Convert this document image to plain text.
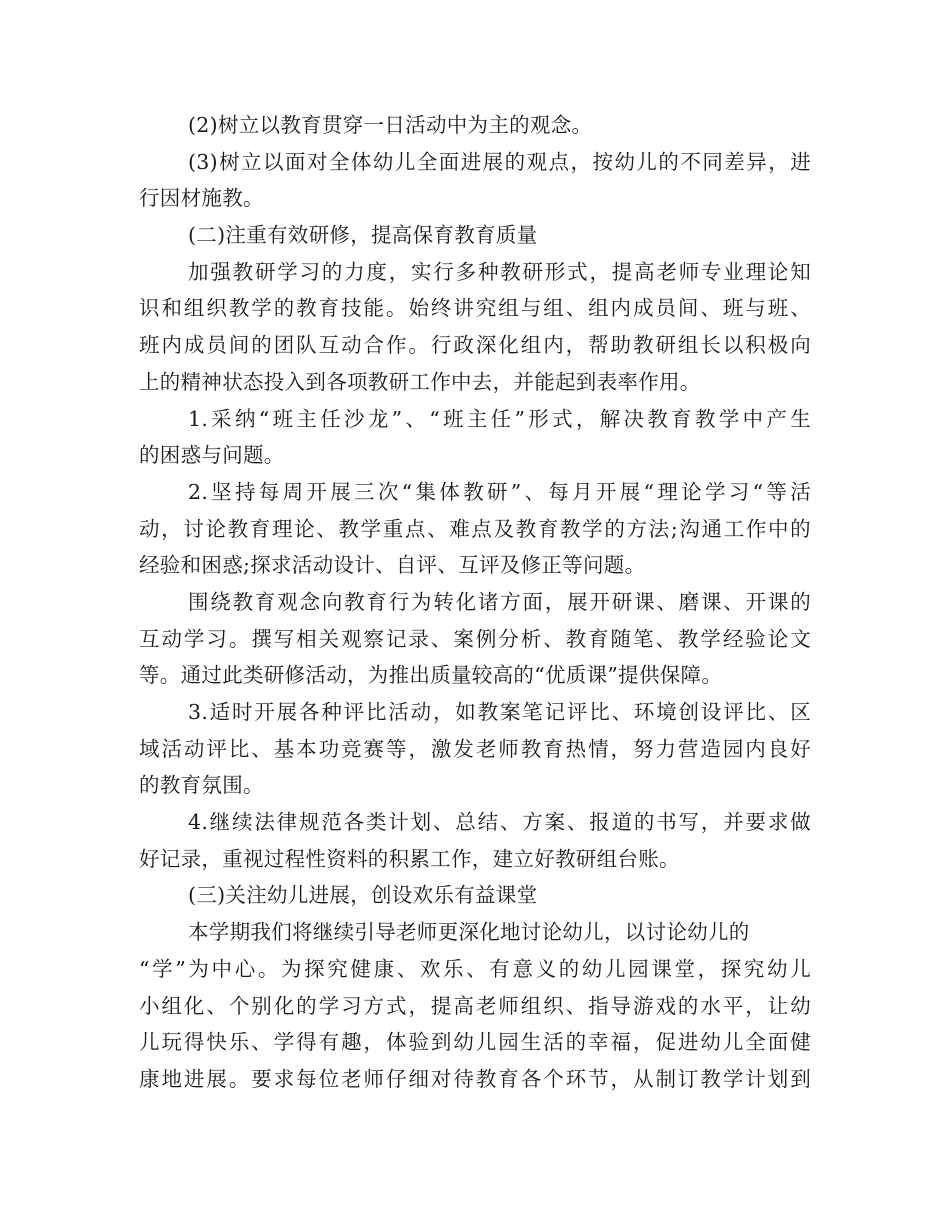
(2)树立以教育贯穿一日活动中为主的观念。
(3)树立以面对全体幼儿全面进展的观点，按幼儿的不同差异，进
行因材施教。
(二)注重有效研修，提高保育教育质量
加强教研学习的力度，实行多种教研形式，提高老师专业理论知
识和组织教学的教育技能。始终讲究组与组、组内成员间、班与班、
班内成员间的团队互动合作。行政深化组内，帮助教研组长以积极向
上的精神状态投入到各项教研工作中去，并能起到表率作用。
1.采纳“班主任沙龙”、“班主任”形式，解决教育教学中产生
的困惑与问题。
2.坚持每周开展三次“集体教研”、每月开展“理论学习“等活
动，讨论教育理论、教学重点、难点及教育教学的方法;沟通工作中的
经验和困惑;探求活动设计、自评、互评及修正等问题。
围绕教育观念向教育行为转化诸方面，展开研课、磨课、开课的
互动学习。撰写相关观察记录、案例分析、教育随笔、教学经验论文
等。通过此类研修活动，为推出质量较高的“优质课”提供保障。
3.适时开展各种评比活动，如教案笔记评比、环境创设评比、区
域活动评比、基本功竞赛等，激发老师教育热情，努力营造园内良好
的教育氛围。
4.继续法律规范各类计划、总结、方案、报道的书写，并要求做
好记录，重视过程性资料的积累工作，建立好教研组台账。
(三)关注幼儿进展，创设欢乐有益课堂
本学期我们将继续引导老师更深化地讨论幼儿，以讨论幼儿的
“学”为中心。为探究健康、欢乐、有意义的幼儿园课堂，探究幼儿
小组化、个别化的学习方式，提高老师组织、指导游戏的水平，让幼
儿玩得快乐、学得有趣，体验到幼儿园生活的幸福，促进幼儿全面健
康地进展。要求每位老师仔细对待教育各个环节，从制订教学计划到
